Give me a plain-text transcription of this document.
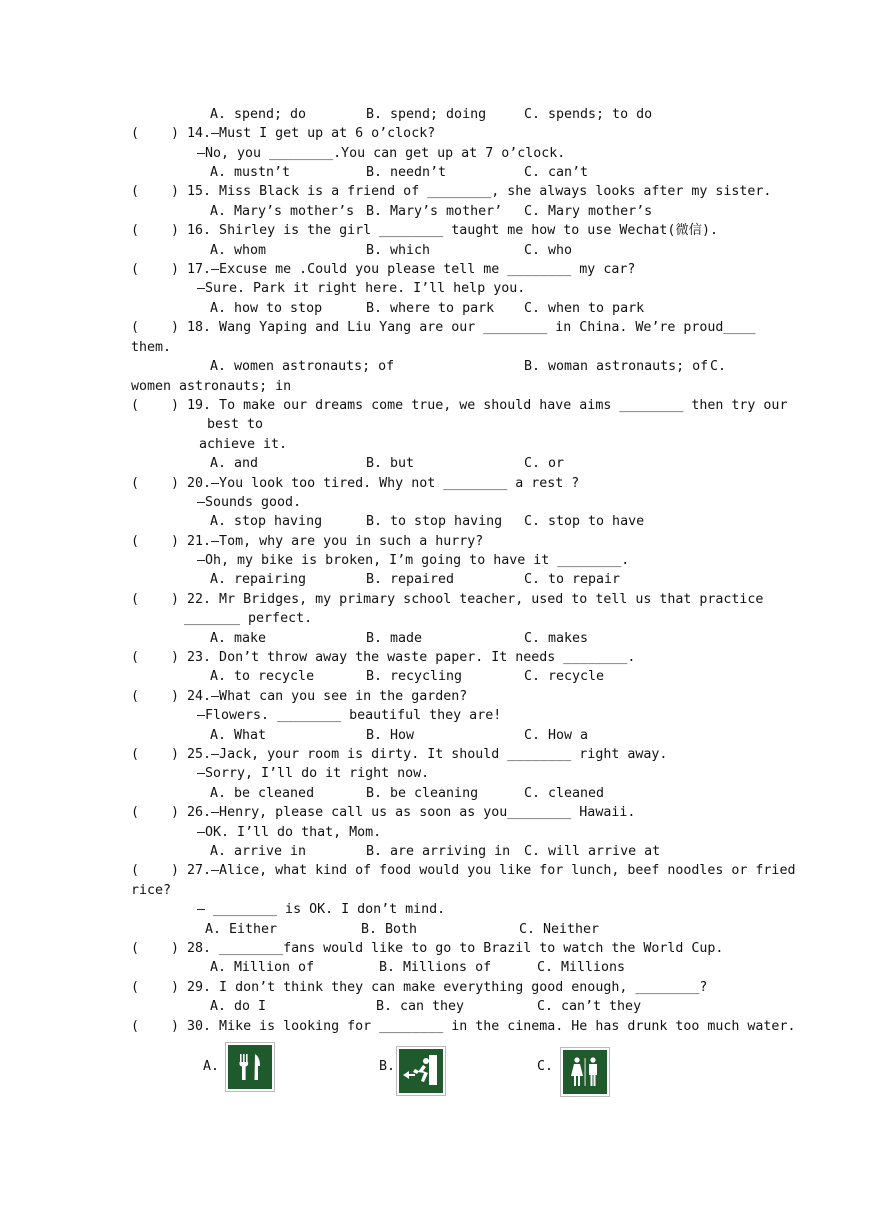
A. spend; do	B. spend; doing	C. spends; to do
(    ) 14.—Must I get up at 6 o’clock?
—No, you ________.You can get up at 7 o’clock.
A. mustn’t	B. needn’t	C. can’t
(    ) 15. Miss Black is a friend of ________, she always looks after my sister.
A. Mary’s mother’s B. Mary’s mother’ C. Mary mother’s
(    ) 16. Shirley is the girl ________ taught me how to use Wechat(微信).
A. whom	B. which	C. who
(    ) 17.—Excuse me .Could you please tell me ________ my car?
—Sure. Park it right here. I’ll help you.
A. how to stop	B. where to park C. when to park
(    ) 18. Wang Yaping and Liu Yang are our ________ in China. We’re proud____
them.
A. women astronauts; of	B. woman astronauts; of C.
women astronauts; in
(    ) 19. To make our dreams come true, we should have aims ________ then try our
best to
achieve it.
A. and	B. but	C. or
(    ) 20.—You look too tired. Why not ________ a rest ?
—Sounds good.
A. stop having	B. to stop having C. stop to have
(    ) 21.—Tom, why are you in such a hurry?
—Oh, my bike is broken, I’m going to have it ________.
A. repairing	B. repaired	C. to repair
(    ) 22. Mr Bridges, my primary school teacher, used to tell us that practice
_______ perfect.
A. make	B. made	C. makes
(    ) 23. Don’t throw away the waste paper. It needs ________.
A. to recycle	B. recycling	C. recycle
(    ) 24.—What can you see in the garden?
—Flowers. ________ beautiful they are!
A. What	B. How	C. How a
(    ) 25.—Jack, your room is dirty. It should ________ right away.
—Sorry, I’ll do it right now.
A. be cleaned	B. be cleaning	C. cleaned
(    ) 26.—Henry, please call us as soon as you________ Hawaii.
—OK. I’ll do that, Mom.
A. arrive in	B. are arriving in C. will arrive at
(    ) 27.—Alice, what kind of food would you like for lunch, beef noodles or fried
rice?
— ________ is OK. I don’t mind.
A. Either	B. Both	C. Neither
(    ) 28. ________fans would like to go to Brazil to watch the World Cup.
A. Million of	B. Millions of	C. Millions
(    ) 29. I don’t think they can make everything good enough, ________?
A. do I	B. can they	C. can’t they
(    ) 30. Mike is looking for ________ in the cinema. He has drunk too much water.
A.	B.	C.
